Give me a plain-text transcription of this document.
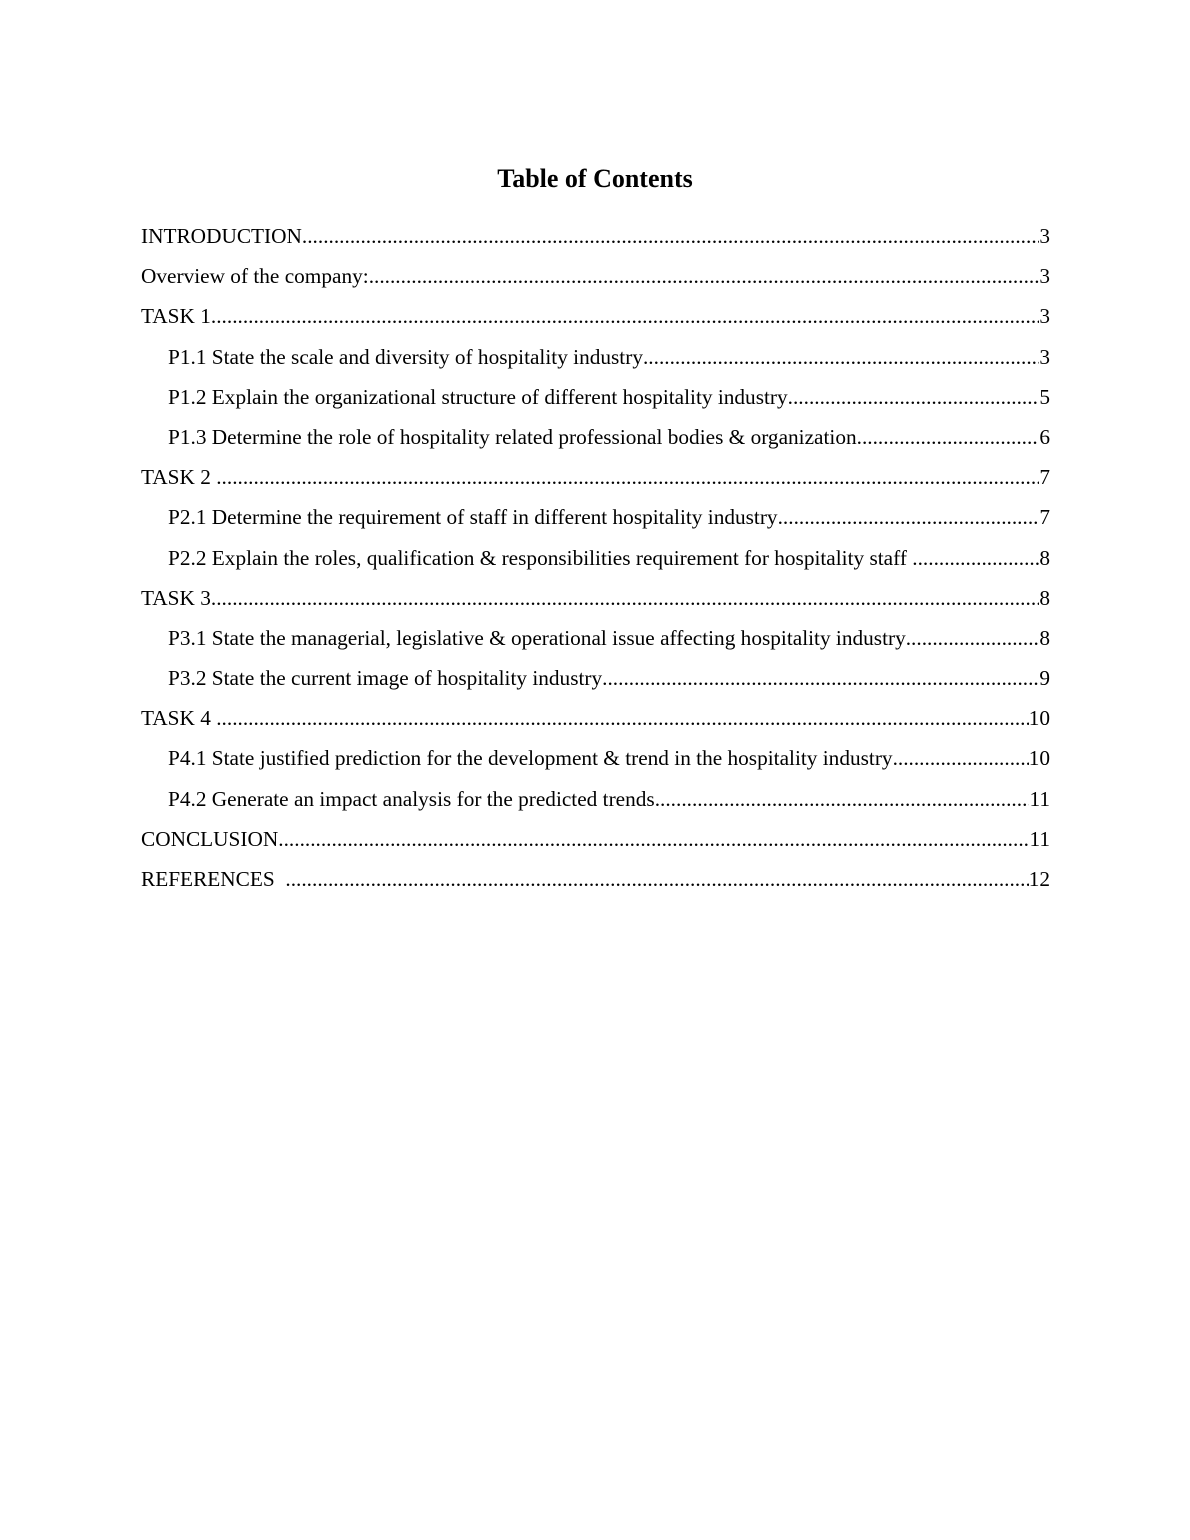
Table of Contents
INTRODUCTION .....	3
Overview of the company: .....	3
TASK 1 .....	3
P1.1 State the scale and diversity of hospitality industry .....	3
P1.2 Explain the organizational structure of different hospitality industry .....	5
P1.3 Determine the role of hospitality related professional bodies & organization .....	6
TASK 2 .....	7
P2.1 Determine the requirement of staff in different hospitality industry .....	7
P2.2 Explain the roles, qualification & responsibilities requirement for hospitality staff .....	8
TASK 3 .....	8
P3.1 State the managerial, legislative & operational issue affecting hospitality industry .....	8
P3.2 State the current image of hospitality industry .....	9
TASK 4 .....	10
P4.1 State justified prediction for the development & trend in the hospitality industry .....	10
P4.2 Generate an impact analysis for the predicted trends .....	11
CONCLUSION .....	11
REFERENCES .....	12
